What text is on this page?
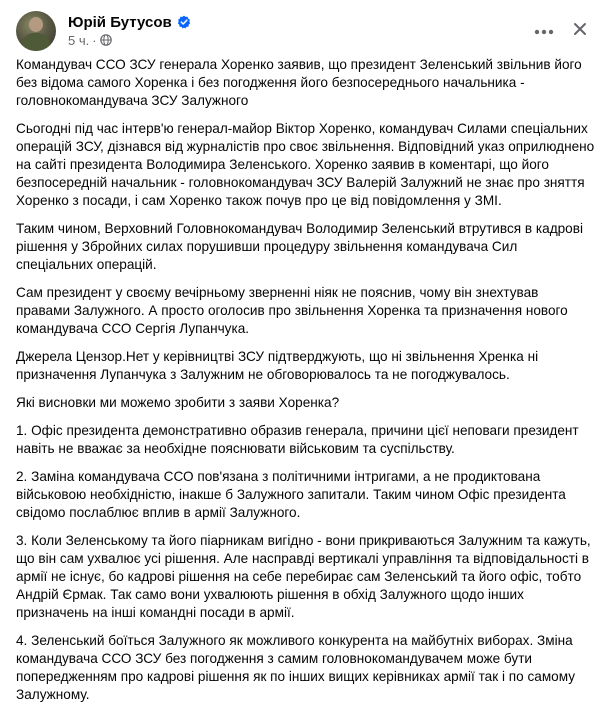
Юрій Бутусов
5 ч. ·

Командувач ССО ЗСУ генерала Хоренко заявив, що президент Зеленський звільнив його без відома самого Хоренка і без погодження його безпосереднього начальника - головнокомандувача ЗСУ Залужного

Сьогодні під час інтерв'ю генерал-майор Віктор Хоренко, командувач Силами спеціальних операцій ЗСУ, дізнався від журналістів про своє звільнення. Відповідний указ оприлюднено на сайті президента Володимира Зеленського. Хоренко заявив в коментарі, що його безпосередній начальник - головнокомандувач ЗСУ Валерій Залужний не знає про зняття Хоренко з посади, і сам Хоренко також почув про це від повідомлення у ЗМІ.

Таким чином, Верховний Головнокомандувач Володимир Зеленський втрутився в кадрові рішення у Збройних силах порушивши процедуру звільнення командувача Сил спеціальних операцій.

Сам президент у своєму вечірньому зверненні ніяк не пояснив, чому він знехтував правами Залужного. А просто оголосив про звільнення Хоренка та призначення нового командувача ССО Сергія Лупанчука.

Джерела Цензор.Нет у керівництві ЗСУ підтверджують, що ні звільнення Хренка ні призначення Лупанчука з Залужним не обговорювалось та не погоджувалось.

Які висновки ми можемо зробити з заяви Хоренка?

1. Офіс президента демонстративно образив генерала, причини цієї неповаги президент навіть не вважає за необхідне пояснювати військовим та суспільству.

2. Заміна командувача ССО пов'язана з політичними інтригами, а не продиктована військовою необхідністю, інакше б Залужного запитали. Таким чином Офіс президента свідомо послаблює вплив в армії Залужного.

3. Коли Зеленському та його піарникам вигідно - вони прикриваються Залужним та кажуть, що він сам ухвалює усі рішення. Але насправді вертикалі управління та відповідальності в армії не існує, бо кадрові рішення на себе перебирає сам Зеленський та його офіс, тобто Андрій Єрмак. Так само вони ухвалюють рішення в обхід Залужного щодо інших призначень на інші командні посади в армії.

4. Зеленський боїться Залужного як можливого конкурента на майбутніх виборах. Зміна командувача ССО ЗСУ без погодження з самим головнокомандувачем може бути попередженням про кадрові рішення як по інших вищих керівниках армії так і по самому Залужному.
